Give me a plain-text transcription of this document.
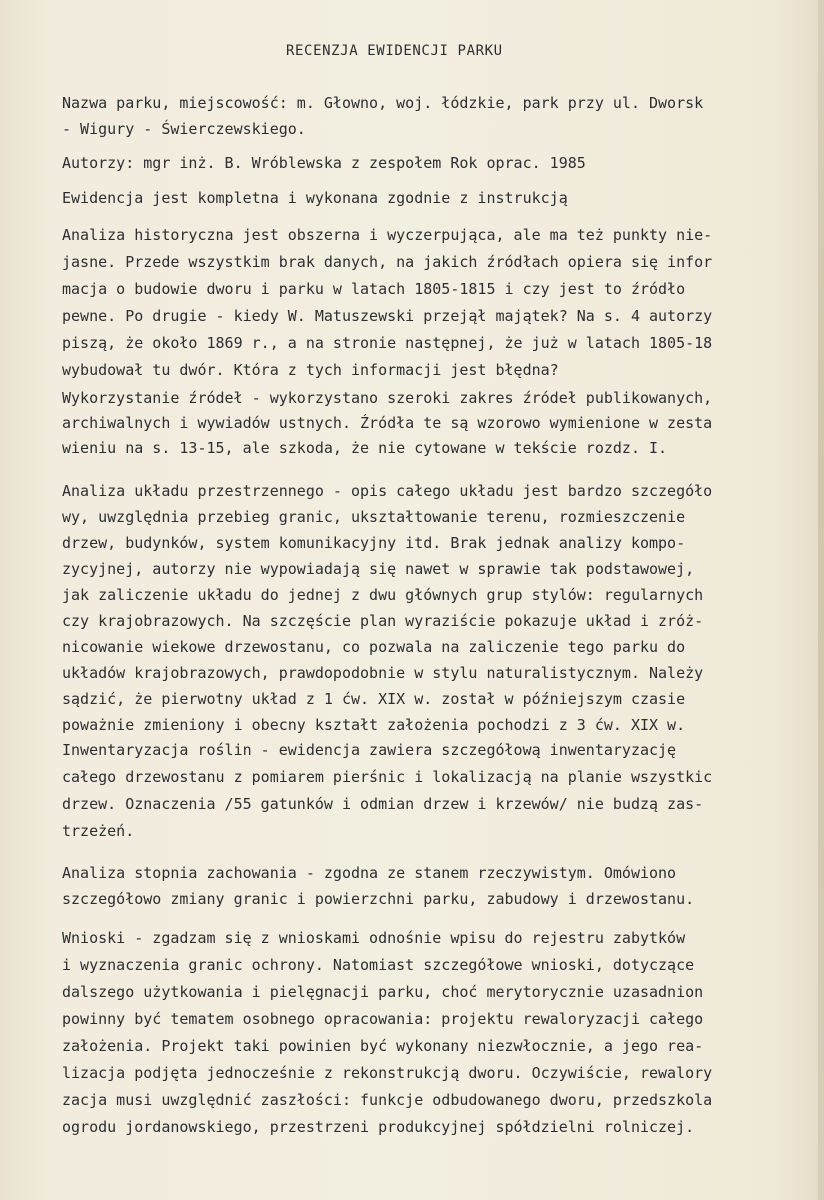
RECENZJA EWIDENCJI PARKU
Nazwa parku, miejscowość: m. Głowno, woj. łódzkie, park przy ul. Dworsk
- Wigury - Świerczewskiego.
Autorzy: mgr inż. B. Wróblewska z zespołem Rok oprac. 1985
Ewidencja jest kompletna i wykonana zgodnie z instrukcją
Analiza historyczna jest obszerna i wyczerpująca, ale ma też punkty nie-
jasne. Przede wszystkim brak danych, na jakich źródłach opiera się infor
macja o budowie dworu i parku w latach 1805-1815 i czy jest to źródło
pewne. Po drugie - kiedy W. Matuszewski przejął majątek? Na s. 4 autorzy
piszą, że około 1869 r., a na stronie następnej, że już w latach 1805-18
wybudował tu dwór. Która z tych informacji jest błędna?
Wykorzystanie źródeł - wykorzystano szeroki zakres źródeł publikowanych,
archiwalnych i wywiadów ustnych. Źródła te są wzorowo wymienione w zesta
wieniu na s. 13-15, ale szkoda, że nie cytowane w tekście rozdz. I.
Analiza układu przestrzennego - opis całego układu jest bardzo szczegóło
wy, uwzględnia przebieg granic, ukształtowanie terenu, rozmieszczenie
drzew, budynków, system komunikacyjny itd. Brak jednak analizy kompo-
zycyjnej, autorzy nie wypowiadają się nawet w sprawie tak podstawowej,
jak zaliczenie układu do jednej z dwu głównych grup stylów: regularnych
czy krajobrazowych. Na szczęście plan wyraziście pokazuje układ i zróż-
nicowanie wiekowe drzewostanu, co pozwala na zaliczenie tego parku do
układów krajobrazowych, prawdopodobnie w stylu naturalistycznym. Należy
sądzić, że pierwotny układ z 1 ćw. XIX w. został w późniejszym czasie
poważnie zmieniony i obecny kształt założenia pochodzi z 3 ćw. XIX w.
Inwentaryzacja roślin - ewidencja zawiera szczegółową inwentaryzację
całego drzewostanu z pomiarem pierśnic i lokalizacją na planie wszystkic
drzew. Oznaczenia /55 gatunków i odmian drzew i krzewów/ nie budzą zas-
trzeżeń.
Analiza stopnia zachowania - zgodna ze stanem rzeczywistym. Omówiono
szczegółowo zmiany granic i powierzchni parku, zabudowy i drzewostanu.
Wnioski - zgadzam się z wnioskami odnośnie wpisu do rejestru zabytków
i wyznaczenia granic ochrony. Natomiast szczegółowe wnioski, dotyczące
dalszego użytkowania i pielęgnacji parku, choć merytorycznie uzasadnion
powinny być tematem osobnego opracowania: projektu rewaloryzacji całego
założenia. Projekt taki powinien być wykonany niezwłocznie, a jego rea-
lizacja podjęta jednocześnie z rekonstrukcją dworu. Oczywiście, rewalory
zacja musi uwzględnić zaszłości: funkcje odbudowanego dworu, przedszkola
ogrodu jordanowskiego, przestrzeni produkcyjnej spółdzielni rolniczej.
